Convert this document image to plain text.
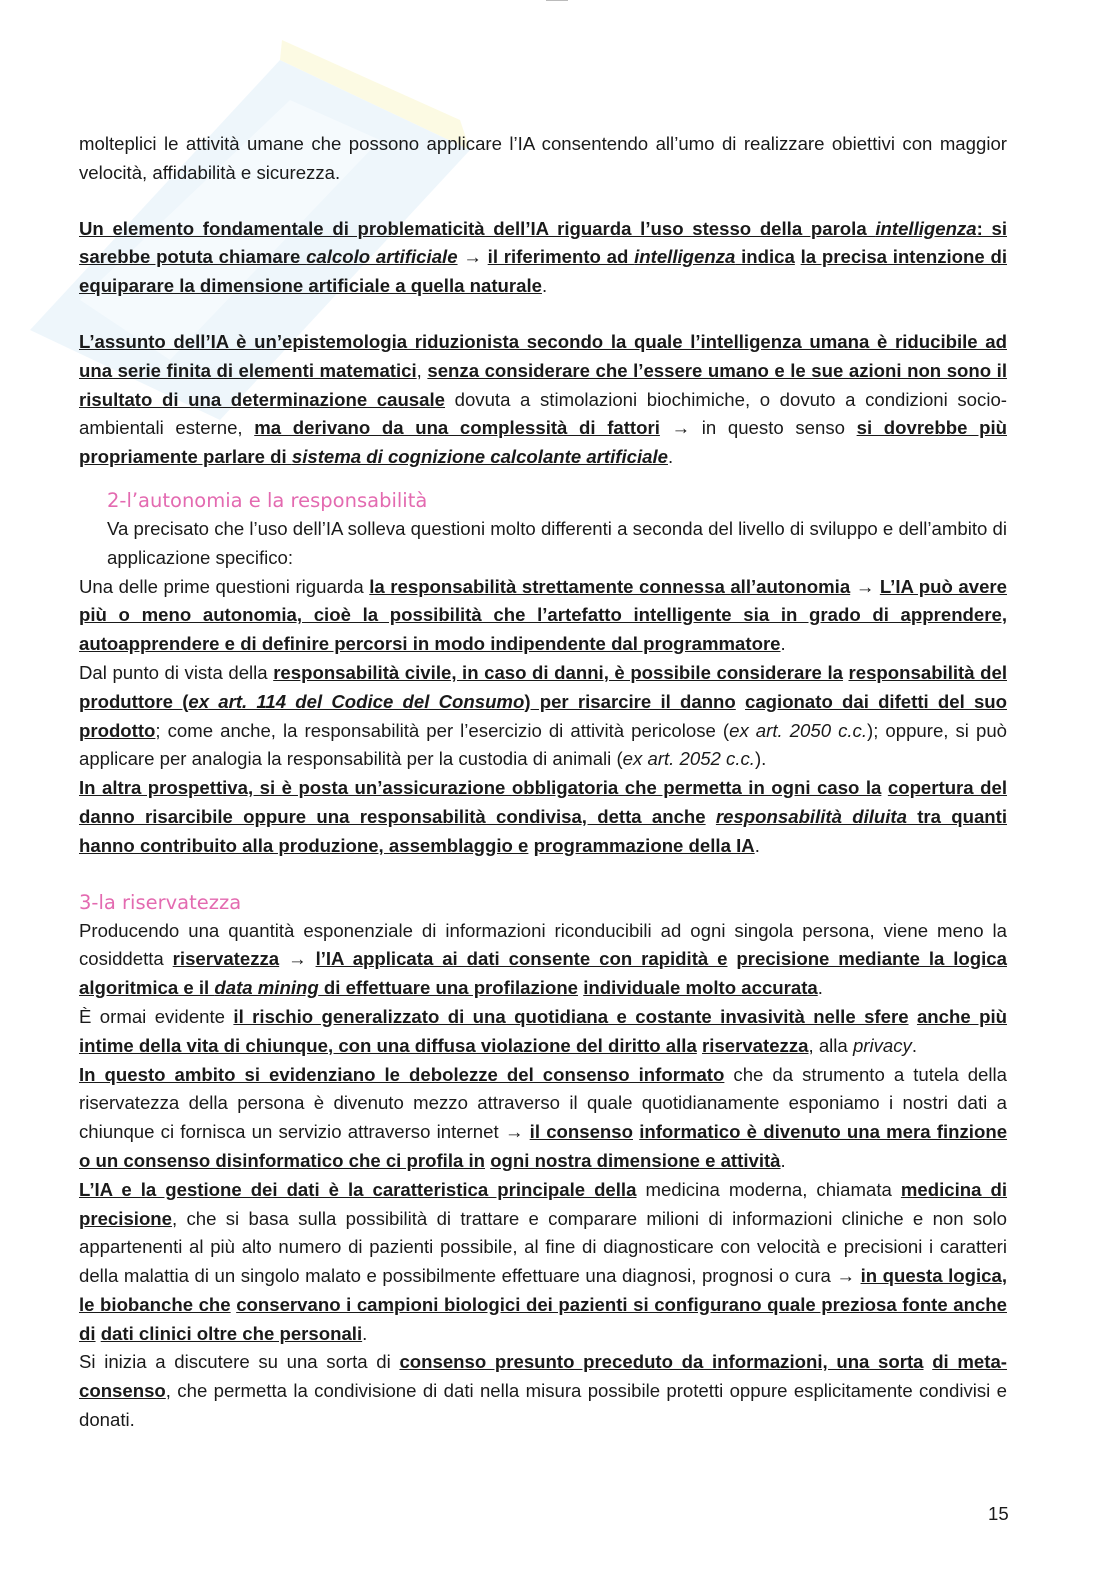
molteplici le attività umane che possono applicare l’IA consentendo all’umo di realizzare obiettivi con maggior velocità, affidabilità e sicurezza.

Un elemento fondamentale di problematicità dell’IA riguarda l’uso stesso della parola intelligenza: si sarebbe potuta chiamare calcolo artificiale → il riferimento ad intelligenza indica la precisa intenzione di equiparare la dimensione artificiale a quella naturale.

L’assunto dell’IA è un’epistemologia riduzionista secondo la quale l’intelligenza umana è riducibile ad una serie finita di elementi matematici, senza considerare che l’essere umano e le sue azioni non sono il risultato di una determinazione causale dovuta a stimolazioni biochimiche, o dovuto a condizioni socio-ambientali esterne, ma derivano da una complessità di fattori → in questo senso si dovrebbe più propriamente parlare di sistema di cognizione calcolante artificiale.

2-l’autonomia e la responsabilità

Va precisato che l’uso dell’IA solleva questioni molto differenti a seconda del livello di sviluppo e dell’ambito di applicazione specifico:

Una delle prime questioni riguarda la responsabilità strettamente connessa all’autonomia → L’IA può avere più o meno autonomia, cioè la possibilità che l’artefatto intelligente sia in grado di apprendere, autoapprendere e di definire percorsi in modo indipendente dal programmatore.

Dal punto di vista della responsabilità civile, in caso di danni, è possibile considerare la responsabilità del produttore (ex art. 114 del Codice del Consumo) per risarcire il danno cagionato dai difetti del suo prodotto; come anche, la responsabilità per l’esercizio di attività pericolose (ex art. 2050 c.c.); oppure, si può applicare per analogia la responsabilità per la custodia di animali (ex art. 2052 c.c.).

In altra prospettiva, si è posta un’assicurazione obbligatoria che permetta in ogni caso la copertura del danno risarcibile oppure una responsabilità condivisa, detta anche responsabilità diluita tra quanti hanno contribuito alla produzione, assemblaggio e programmazione della IA.

3-la riservatezza

Producendo una quantità esponenziale di informazioni riconducibili ad ogni singola persona, viene meno la cosiddetta riservatezza → l’IA applicata ai dati consente con rapidità e precisione mediante la logica algoritmica e il data mining di effettuare una profilazione individuale molto accurata.

È ormai evidente il rischio generalizzato di una quotidiana e costante invasività nelle sfere anche più intime della vita di chiunque, con una diffusa violazione del diritto alla riservatezza, alla privacy.

In questo ambito si evidenziano le debolezze del consenso informato che da strumento a tutela della riservatezza della persona è divenuto mezzo attraverso il quale quotidianamente esponiamo i nostri dati a chiunque ci fornisca un servizio attraverso internet → il consenso informatico è divenuto una mera finzione o un consenso disinformatico che ci profila in ogni nostra dimensione e attività.

L’IA e la gestione dei dati è la caratteristica principale della medicina moderna, chiamata medicina di precisione, che si basa sulla possibilità di trattare e comparare milioni di informazioni cliniche e non solo appartenenti al più alto numero di pazienti possibile, al fine di diagnosticare con velocità e precisioni i caratteri della malattia di un singolo malato e possibilmente effettuare una diagnosi, prognosi o cura → in questa logica, le biobanche che conservano i campioni biologici dei pazienti si configurano quale preziosa fonte anche di dati clinici oltre che personali.

Si inizia a discutere su una sorta di consenso presunto preceduto da informazioni, una sorta di meta-consenso, che permetta la condivisione di dati nella misura possibile protetti oppure esplicitamente condivisi e donati.

15
